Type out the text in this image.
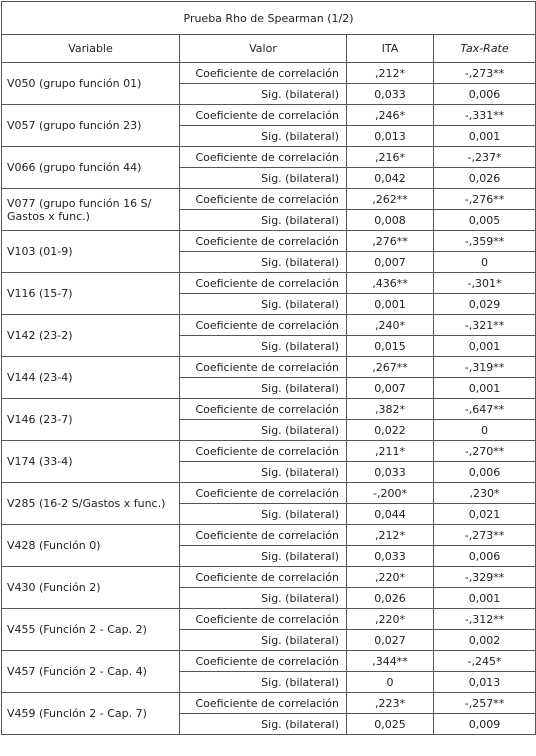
Prueba Rho de Spearman (1/2)			
Variable	Valor	ITA	Tax-Rate
V050 (grupo función 01)	Coeficiente de correlación	,212*	-,273**
	Sig. (bilateral)	0,033	0,006
V057 (grupo función 23)	Coeficiente de correlación	,246*	-,331**
	Sig. (bilateral)	0,013	0,001
V066 (grupo función 44)	Coeficiente de correlación	,216*	-,237*
	Sig. (bilateral)	0,042	0,026
V077 (grupo función 16 S/ Gastos x func.)	Coeficiente de correlación	,262**	-,276**
	Sig. (bilateral)	0,008	0,005
V103 (01-9)	Coeficiente de correlación	,276**	-,359**
	Sig. (bilateral)	0,007	0
V116 (15-7)	Coeficiente de correlación	,436**	-,301*
	Sig. (bilateral)	0,001	0,029
V142 (23-2)	Coeficiente de correlación	,240*	-,321**
	Sig. (bilateral)	0,015	0,001
V144 (23-4)	Coeficiente de correlación	,267**	-,319**
	Sig. (bilateral)	0,007	0,001
V146 (23-7)	Coeficiente de correlación	,382*	-,647**
	Sig. (bilateral)	0,022	0
V174 (33-4)	Coeficiente de correlación	,211*	-,270**
	Sig. (bilateral)	0,033	0,006
V285 (16-2 S/Gastos x func.)	Coeficiente de correlación	-,200*	,230*
	Sig. (bilateral)	0,044	0,021
V428 (Función 0)	Coeficiente de correlación	,212*	-,273**
	Sig. (bilateral)	0,033	0,006
V430 (Función 2)	Coeficiente de correlación	,220*	-,329**
	Sig. (bilateral)	0,026	0,001
V455 (Función 2 - Cap. 2)	Coeficiente de correlación	,220*	-,312**
	Sig. (bilateral)	0,027	0,002
V457 (Función 2 - Cap. 4)	Coeficiente de correlación	,344**	-,245*
	Sig. (bilateral)	0	0,013
V459 (Función 2 - Cap. 7)	Coeficiente de correlación	,223*	-,257**
	Sig. (bilateral)	0,025	0,009
